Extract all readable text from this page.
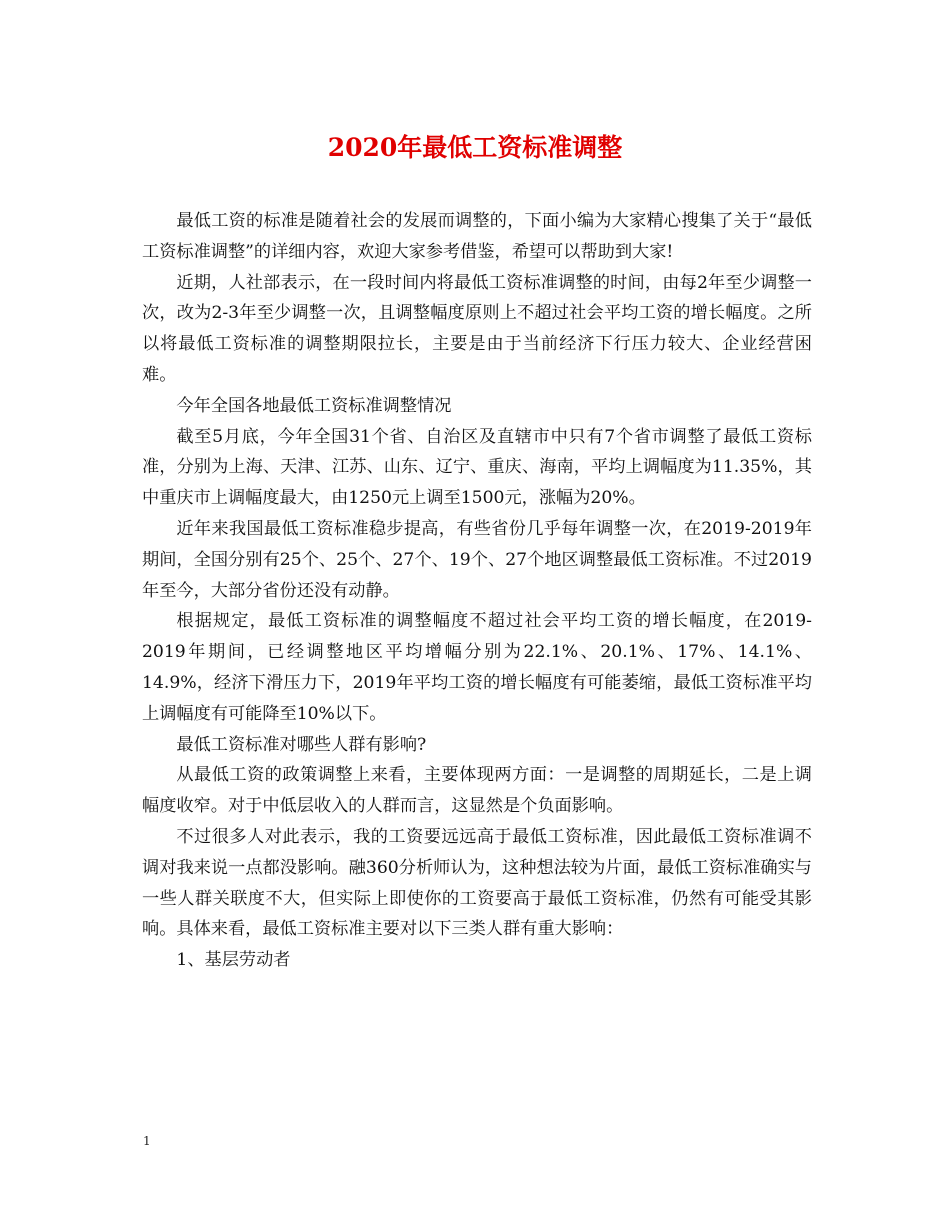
2020年最低工资标准调整

最低工资的标准是随着社会的发展而调整的，下面小编为大家精心搜集了关于“最低工资标准调整”的详细内容，欢迎大家参考借鉴，希望可以帮助到大家!

近期，人社部表示，在一段时间内将最低工资标准调整的时间，由每2年至少调整一次，改为2-3年至少调整一次，且调整幅度原则上不超过社会平均工资的增长幅度。之所以将最低工资标准的调整期限拉长，主要是由于当前经济下行压力较大、企业经营困难。

今年全国各地最低工资标准调整情况

截至5月底，今年全国31个省、自治区及直辖市中只有7个省市调整了最低工资标准，分别为上海、天津、江苏、山东、辽宁、重庆、海南，平均上调幅度为11.35%，其中重庆市上调幅度最大，由1250元上调至1500元，涨幅为20%。

近年来我国最低工资标准稳步提高，有些省份几乎每年调整一次，在2019-2019年期间，全国分别有25个、25个、27个、19个、27个地区调整最低工资标准。不过2019年至今，大部分省份还没有动静。

根据规定，最低工资标准的调整幅度不超过社会平均工资的增长幅度，在2019-2019年期间，已经调整地区平均增幅分别为22.1%、20.1%、17%、14.1%、14.9%，经济下滑压力下，2019年平均工资的增长幅度有可能萎缩，最低工资标准平均上调幅度有可能降至10%以下。

最低工资标准对哪些人群有影响?

从最低工资的政策调整上来看，主要体现两方面：一是调整的周期延长，二是上调幅度收窄。对于中低层收入的人群而言，这显然是个负面影响。

不过很多人对此表示，我的工资要远远高于最低工资标准，因此最低工资标准调不调对我来说一点都没影响。融360分析师认为，这种想法较为片面，最低工资标准确实与一些人群关联度不大，但实际上即使你的工资要高于最低工资标准，仍然有可能受其影响。具体来看，最低工资标准主要对以下三类人群有重大影响：

1、基层劳动者

1
